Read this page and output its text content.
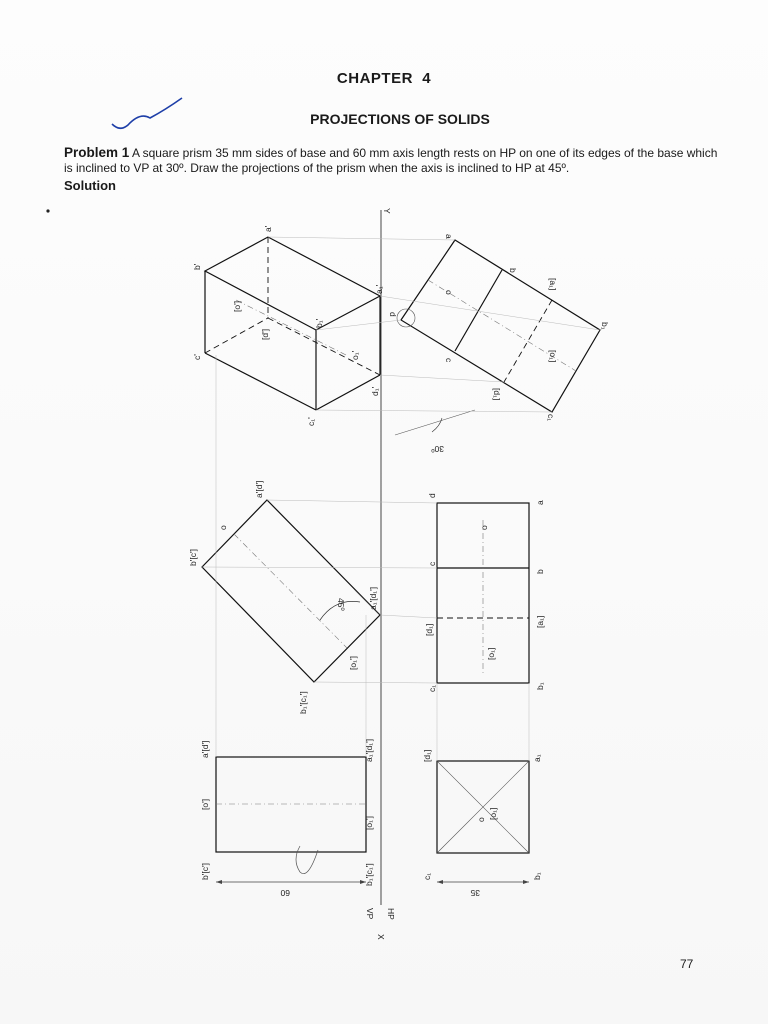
CHAPTER  4
PROJECTIONS OF SOLIDS
Problem 1 A square prism 35 mm sides of base and 60 mm axis length rests on HP on one of its edges of the base which is inclined to VP at 30º. Draw the projections of the prism when the axis is inclined to HP at 45º.
Solution
Y
X
VP HP
a'[d']
[o']
b'[c']
a₁'[d₁']
[o₁']
b₁'[c₁']
60
[d₁]
c₁
a₁
b₁
o [o₁]
35
a'[d']
o
b'[c']
a₁'[d₁']
[o₁']
b₁'[c₁']
45º
d
c
c₁
[d₁]
a
b
[a₁]
b₁
o
[o₁]
a'
b'
c'
[d']
[o']
a₁'
b₁'
c₁'
d₁'
o₁'
a
b
c
d
o
[a₁]
b₁
c₁
[d₁]
[o₁]
30º
77
